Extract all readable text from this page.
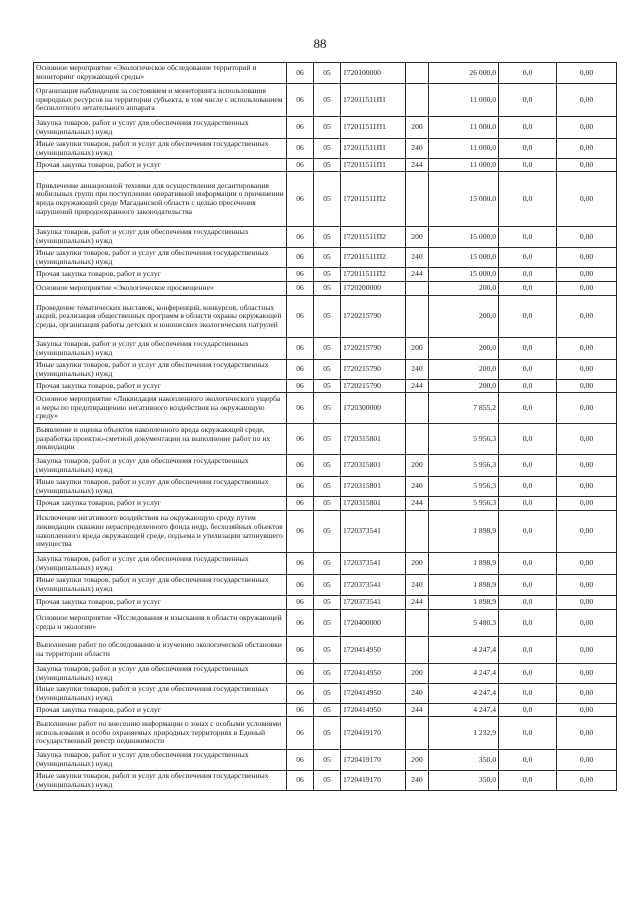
88
Основное мероприятие «Экологическое обследование территорий и мониторинг окружающей среды»	06	05	1720100000		26 000,0	0,0	0,00
Организация наблюдения за состоянием и мониторинга использования природных ресурсов на территории субъекта, в том числе с использованием беспилотного летательного аппарата	06	05	172011511П1		11 000,0	0,0	0,00
Закупка товаров, работ и услуг для обеспечения государственных (муниципальных) нужд	06	05	172011511П1	200	11 000,0	0,0	0,00
Иные закупки товаров, работ и услуг для обеспечения государственных (муниципальных) нужд	06	05	172011511П1	240	11 000,0	0,0	0,00
Прочая закупка товаров, работ и услуг	06	05	172011511П1	244	11 000,0	0,0	0,00
Привлечение авиационной техники для осуществления десантирования мобильных групп при поступлении оперативной информации о причинении вреда окружающей среде Магаданской области с целью пресечения нарушений природоохранного законодательства	06	05	172011511П2		15 000,0	0,0	0,00
Закупка товаров, работ и услуг для обеспечения государственных (муниципальных) нужд	06	05	172011511П2	200	15 000,0	0,0	0,00
Иные закупки товаров, работ и услуг для обеспечения государственных (муниципальных) нужд	06	05	172011511П2	240	15 000,0	0,0	0,00
Прочая закупка товаров, работ и услуг	06	05	172011511П2	244	15 000,0	0,0	0,00
Основное мероприятие «Экологическое просвещение»	06	05	1720200000		200,0	0,0	0,00
Проведение тематических выставок, конференций, конкурсов, областных акций, реализация общественных программ в области охраны окружающей среды, организация работы детских и юношеских экологических патрулей	06	05	1720215790		200,0	0,0	0,00
Закупка товаров, работ и услуг для обеспечения государственных (муниципальных) нужд	06	05	1720215790	200	200,0	0,0	0,00
Иные закупки товаров, работ и услуг для обеспечения государственных (муниципальных) нужд	06	05	1720215790	240	200,0	0,0	0,00
Прочая закупка товаров, работ и услуг	06	05	1720215790	244	200,0	0,0	0,00
Основное мероприятие «Ликвидация накопленного экологического ущерба и меры по предотвращению негативного воздействия на окружающую среду»	06	05	1720300000		7 855,2	0,0	0,00
Выявление и оценка объектов накопленного вреда окружающей среде, разработка проектно-сметной документации на выполнение работ по их ликвидации	06	05	1720315801		5 956,3	0,0	0,00
Закупка товаров, работ и услуг для обеспечения государственных (муниципальных) нужд	06	05	1720315801	200	5 956,3	0,0	0,00
Иные закупки товаров, работ и услуг для обеспечения государственных (муниципальных) нужд	06	05	1720315801	240	5 956,3	0,0	0,00
Прочая закупка товаров, работ и услуг	06	05	1720315801	244	5 956,3	0,0	0,00
Исключение негативного воздействия на окружающую среду путем ликвидации скважин нераспределенного фонда недр, бесхозяйных объектов накопленного вреда окружающей среде, подъема и утилизации затонувшего имущества	06	05	1720373541		1 898,9	0,0	0,00
Закупка товаров, работ и услуг для обеспечения государственных (муниципальных) нужд	06	05	1720373541	200	1 898,9	0,0	0,00
Иные закупки товаров, работ и услуг для обеспечения государственных (муниципальных) нужд	06	05	1720373541	240	1 898,9	0,0	0,00
Прочая закупка товаров, работ и услуг	06	05	1720373541	244	1 898,9	0,0	0,00
Основное мероприятие «Исследования и изыскания в области окружающей среды и экологии»	06	05	1720400000		5 480,3	0,0	0,00
Выполнение работ по обследованию и изучению экологической обстановки на территории области	06	05	1720414950		4 247,4	0,0	0,00
Закупка товаров, работ и услуг для обеспечения государственных (муниципальных) нужд	06	05	1720414950	200	4 247,4	0,0	0,00
Иные закупки товаров, работ и услуг для обеспечения государственных (муниципальных) нужд	06	05	1720414950	240	4 247,4	0,0	0,00
Прочая закупка товаров, работ и услуг	06	05	1720414950	244	4 247,4	0,0	0,00
Выполнение работ по внесению информации о зонах с особыми условиями использования и особо охраняемых природных территориях в Единый государственный реестр недвижимости	06	05	1720419170		1 232,9	0,0	0,00
Закупка товаров, работ и услуг для обеспечения государственных (муниципальных) нужд	06	05	1720419170	200	350,0	0,0	0,00
Иные закупки товаров, работ и услуг для обеспечения государственных (муниципальных) нужд	06	05	1720419170	240	350,0	0,0	0,00
